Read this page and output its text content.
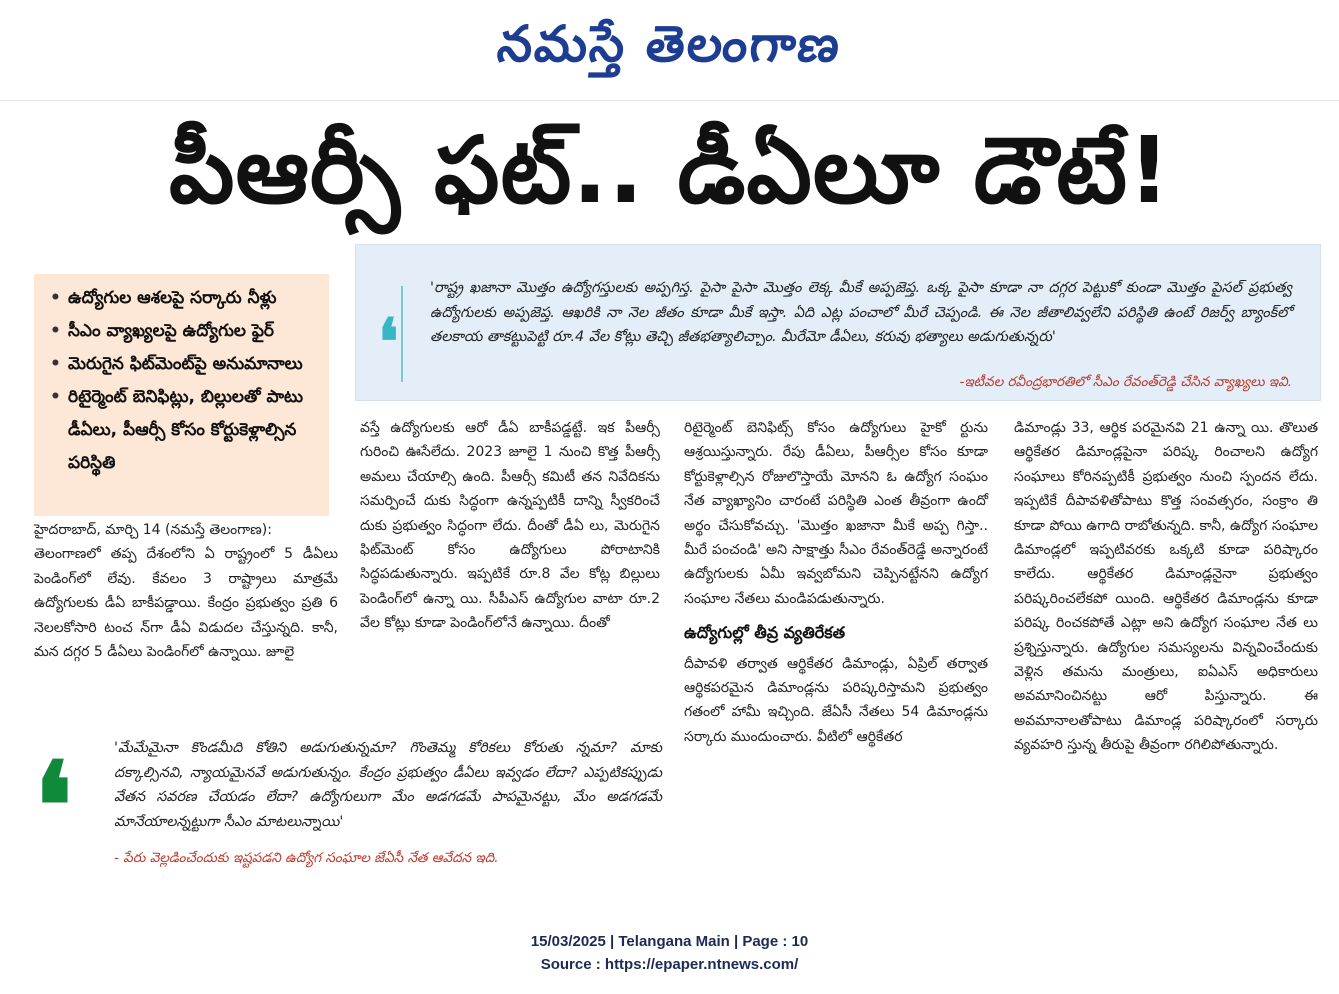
నమస్తే తెలంగాణ
పీఆర్సీ ఫట్.. డీఏలూ డౌటే!
• ఉద్యోగుల ఆశలపై సర్కారు నీళ్లు
• సీఎం వ్యాఖ్యలపై ఉద్యోగుల ఫైర్
• మెరుగైన ఫిట్‌మెంట్‌పై అనుమానాలు
• రిటైర్మెంట్ బెనిఫిట్లు, బిల్లులతో పాటు డీఏలు, పీఆర్సీ కోసం కోర్టుకెళ్లాల్సిన పరిస్థితి
❛
'రాష్ట్ర ఖజానా మొత్తం ఉద్యోగస్తులకు అప్పగిస్త. పైసా పైసా మొత్తం లెక్క మీకే అప్పజెప్త. ఒక్క పైసా కూడా నా దగ్గర పెట్టుకో కుండా మొత్తం పైసల్ ప్రభుత్వ ఉద్యోగులకు అప్పజెప్త. ఆఖరికి నా నెల జీతం కూడా మీకే ఇస్తా. ఏది ఎట్ల పంచాలో మీరే చెప్పండి. ఈ నెల జీతాలివ్వలేని పరిస్థితి ఉంటే రిజర్వ్ బ్యాంక్‌లో తలకాయ తాకట్టుపెట్టి రూ.4 వేల కోట్లు తెచ్చి జీతభత్యాలిచ్చాం. మీరేమో డీఏలు, కరువు భత్యాలు అడుగుతున్నరు'
-ఇటీవల రవీంద్రభారతిలో సీఎం రేవంత్‌రెడ్డి చేసిన వ్యాఖ్యలు ఇవి.
హైదరాబాద్, మార్చి 14 (నమస్తే తెలంగాణ):
తెలంగాణలో తప్ప దేశంలోని ఏ రాష్ట్రంలో 5 డీఏలు పెండింగ్‌లో లేవు. కేవలం 3 రాష్ట్రాలు మాత్రమే ఉద్యోగులకు డీఏ బాకీపడ్డాయి. కేంద్రం ప్రభుత్వం ప్రతి 6 నెలలకోసారి టంచ న్‌గా డీఏ విడుదల చేస్తున్నది. కానీ, మన దగ్గర 5 డీఏలు పెండింగ్‌లో ఉన్నాయి. జూలై
వస్తే ఉద్యోగులకు ఆరో డీఏ బాకీపడ్డట్టే. ఇక పీఆర్సీ గురించి ఊసేలేదు. 2023 జూలై 1 నుంచి కొత్త పీఆర్సీ అమలు చేయాల్సి ఉంది. పీఆర్సీ కమిటీ తన నివేదికను సమర్పించే దుకు సిద్ధంగా ఉన్నప్పటికీ దాన్ని స్వీకరించే దుకు ప్రభుత్వం సిద్ధంగా లేదు. దీంతో డీఏ లు, మెరుగైన ఫిట్‌మెంట్ కోసం ఉద్యోగులు పోరాటానికి సిద్ధపడుతున్నారు. ఇప్పటికే రూ.8 వేల కోట్ల బిల్లులు పెండింగ్‌లో ఉన్నా యి. సీపీఎస్ ఉద్యోగుల వాటా రూ.2 వేల కోట్లు కూడా పెండింగ్‌లోనే ఉన్నాయి. దీంతో
రిటైర్మెంట్ బెనిఫిట్స్ కోసం ఉద్యోగులు హైకో ర్టును ఆశ్రయిస్తున్నారు. రేపు డీఏలు, పీఆర్సీల కోసం కూడా కోర్టుకెళ్లాల్సిన రోజులొస్తాయే మోనని ఓ ఉద్యోగ సంఘం నేత వ్యాఖ్యానిం చారంటే పరిస్థితి ఎంత తీవ్రంగా ఉందో అర్థం చేసుకోవచ్చు. 'మొత్తం ఖజానా మీకే అప్ప గిస్తా.. మీరే పంచండి' అని సాక్షాత్తు సీఎం రేవంత్‌రెడ్డే అన్నారంటే ఉద్యోగులకు ఏమీ ఇవ్వబోమని చెప్పినట్టేనని ఉద్యోగ సంఘాల నేతలు మండిపడుతున్నారు.
ఉద్యోగుల్లో తీవ్ర వ్యతిరేకత
దీపావళి తర్వాత ఆర్థికేతర డిమాండ్లు, ఏప్రిల్ తర్వాత ఆర్థికపరమైన డిమాండ్లను పరిష్కరిస్తామని ప్రభుత్వం గతంలో హామీ ఇచ్చింది. జేఏసీ నేతలు 54 డిమాండ్లను సర్కారు ముందుంచారు. వీటిలో ఆర్థికేతర
డిమాండ్లు 33, ఆర్థిక పరమైనవి 21 ఉన్నా యి. తొలుత ఆర్థికేతర డిమాండ్లపైనా పరిష్క రించాలని ఉద్యోగ సంఘాలు కోరినప్పటికీ ప్రభుత్వం నుంచి స్పందన లేదు. ఇప్పటికే దీపావళితోపాటు కొత్త సంవత్సరం, సంక్రాం తి కూడా పోయి ఉగాది రాబోతున్నది. కానీ, ఉద్యోగ సంఘాల డిమాండ్లలో ఇప్పటివరకు ఒక్కటి కూడా పరిష్కారం కాలేదు. ఆర్థికేతర డిమాండ్లనైనా ప్రభుత్వం పరిష్కరించలేకపో యింది. ఆర్థికేతర డిమాండ్లను కూడా పరిష్క రించకపోతే ఎట్లా అని ఉద్యోగ సంఘాల నేత లు ప్రశ్నిస్తున్నారు. ఉద్యోగుల సమస్యలను విన్నవించేందుకు వెళ్లిన తమను మంత్రులు, ఐఏఎస్ అధికారులు అవమానించినట్టు ఆరో పిస్తున్నారు. ఈ అవమానాలతోపాటు డిమాండ్ల పరిష్కారంలో సర్కారు వ్యవహరి స్తున్న తీరుపై తీవ్రంగా రగిలిపోతున్నారు.
❛	'మేమేమైనా కొండమీది కోతిని అడుగుతున్నమా? గొంతెమ్మ కోరికలు కోరుతు న్నమా? మాకు దక్కాల్సినవి, న్యాయమైనవే అడుగుతున్నం. కేంద్రం ప్రభుత్వం డీఏలు ఇవ్వడం లేదా? ఎప్పటికప్పుడు వేతన సవరణ చేయడం లేదా? ఉద్యోగులుగా మేం అడగడమే పాపమైనట్టు, మేం అడగడమే మానేయాలన్నట్టుగా సీఎం మాటలున్నాయి'
- పేరు వెల్లడించేందుకు ఇష్టపడని ఉద్యోగ సంఘాల జేఏసీ నేత ఆవేదన ఇది.
15/03/2025 | Telangana Main | Page : 10
Source : https://epaper.ntnews.com/
